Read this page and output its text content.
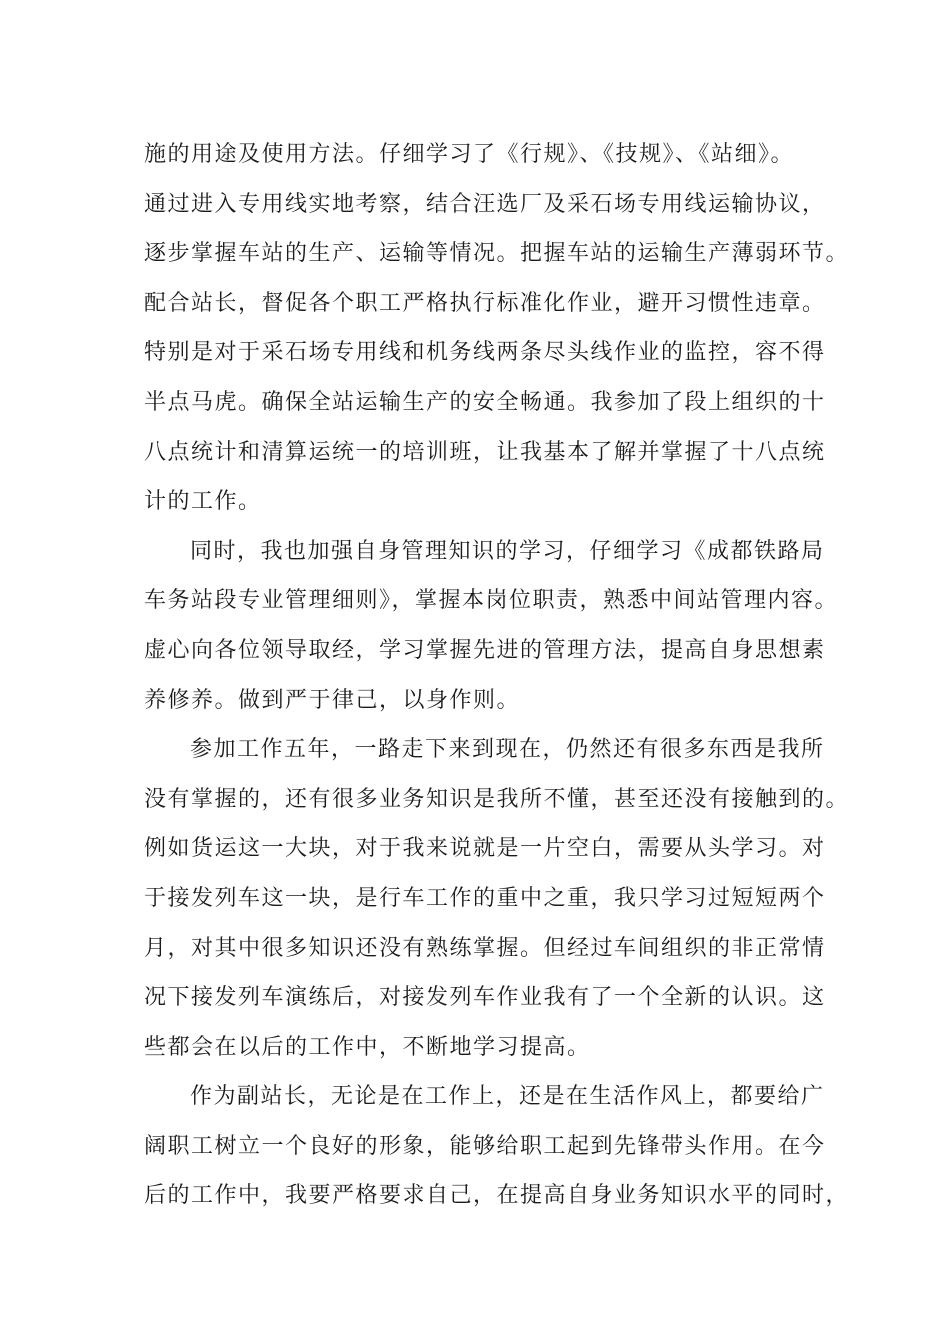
施的用途及使用方法。仔细学习了《行规》、《技规》、《站细》。
通过进入专用线实地考察，结合汪选厂及采石场专用线运输协议，
逐步掌握车站的生产、运输等情况。把握车站的运输生产薄弱环节。
配合站长，督促各个职工严格执行标准化作业，避开习惯性违章。
特别是对于采石场专用线和机务线两条尽头线作业的监控，容不得
半点马虎。确保全站运输生产的安全畅通。我参加了段上组织的十
八点统计和清算运统一的培训班，让我基本了解并掌握了十八点统
计的工作。
同时，我也加强自身管理知识的学习，仔细学习《成都铁路局
车务站段专业管理细则》，掌握本岗位职责，熟悉中间站管理内容。
虚心向各位领导取经，学习掌握先进的管理方法，提高自身思想素
养修养。做到严于律己，以身作则。
参加工作五年，一路走下来到现在，仍然还有很多东西是我所
没有掌握的，还有很多业务知识是我所不懂，甚至还没有接触到的。
例如货运这一大块，对于我来说就是一片空白，需要从头学习。对
于接发列车这一块，是行车工作的重中之重，我只学习过短短两个
月，对其中很多知识还没有熟练掌握。但经过车间组织的非正常情
况下接发列车演练后，对接发列车作业我有了一个全新的认识。这
些都会在以后的工作中，不断地学习提高。
作为副站长，无论是在工作上，还是在生活作风上，都要给广
阔职工树立一个良好的形象，能够给职工起到先锋带头作用。在今
后的工作中，我要严格要求自己，在提高自身业务知识水平的同时，
